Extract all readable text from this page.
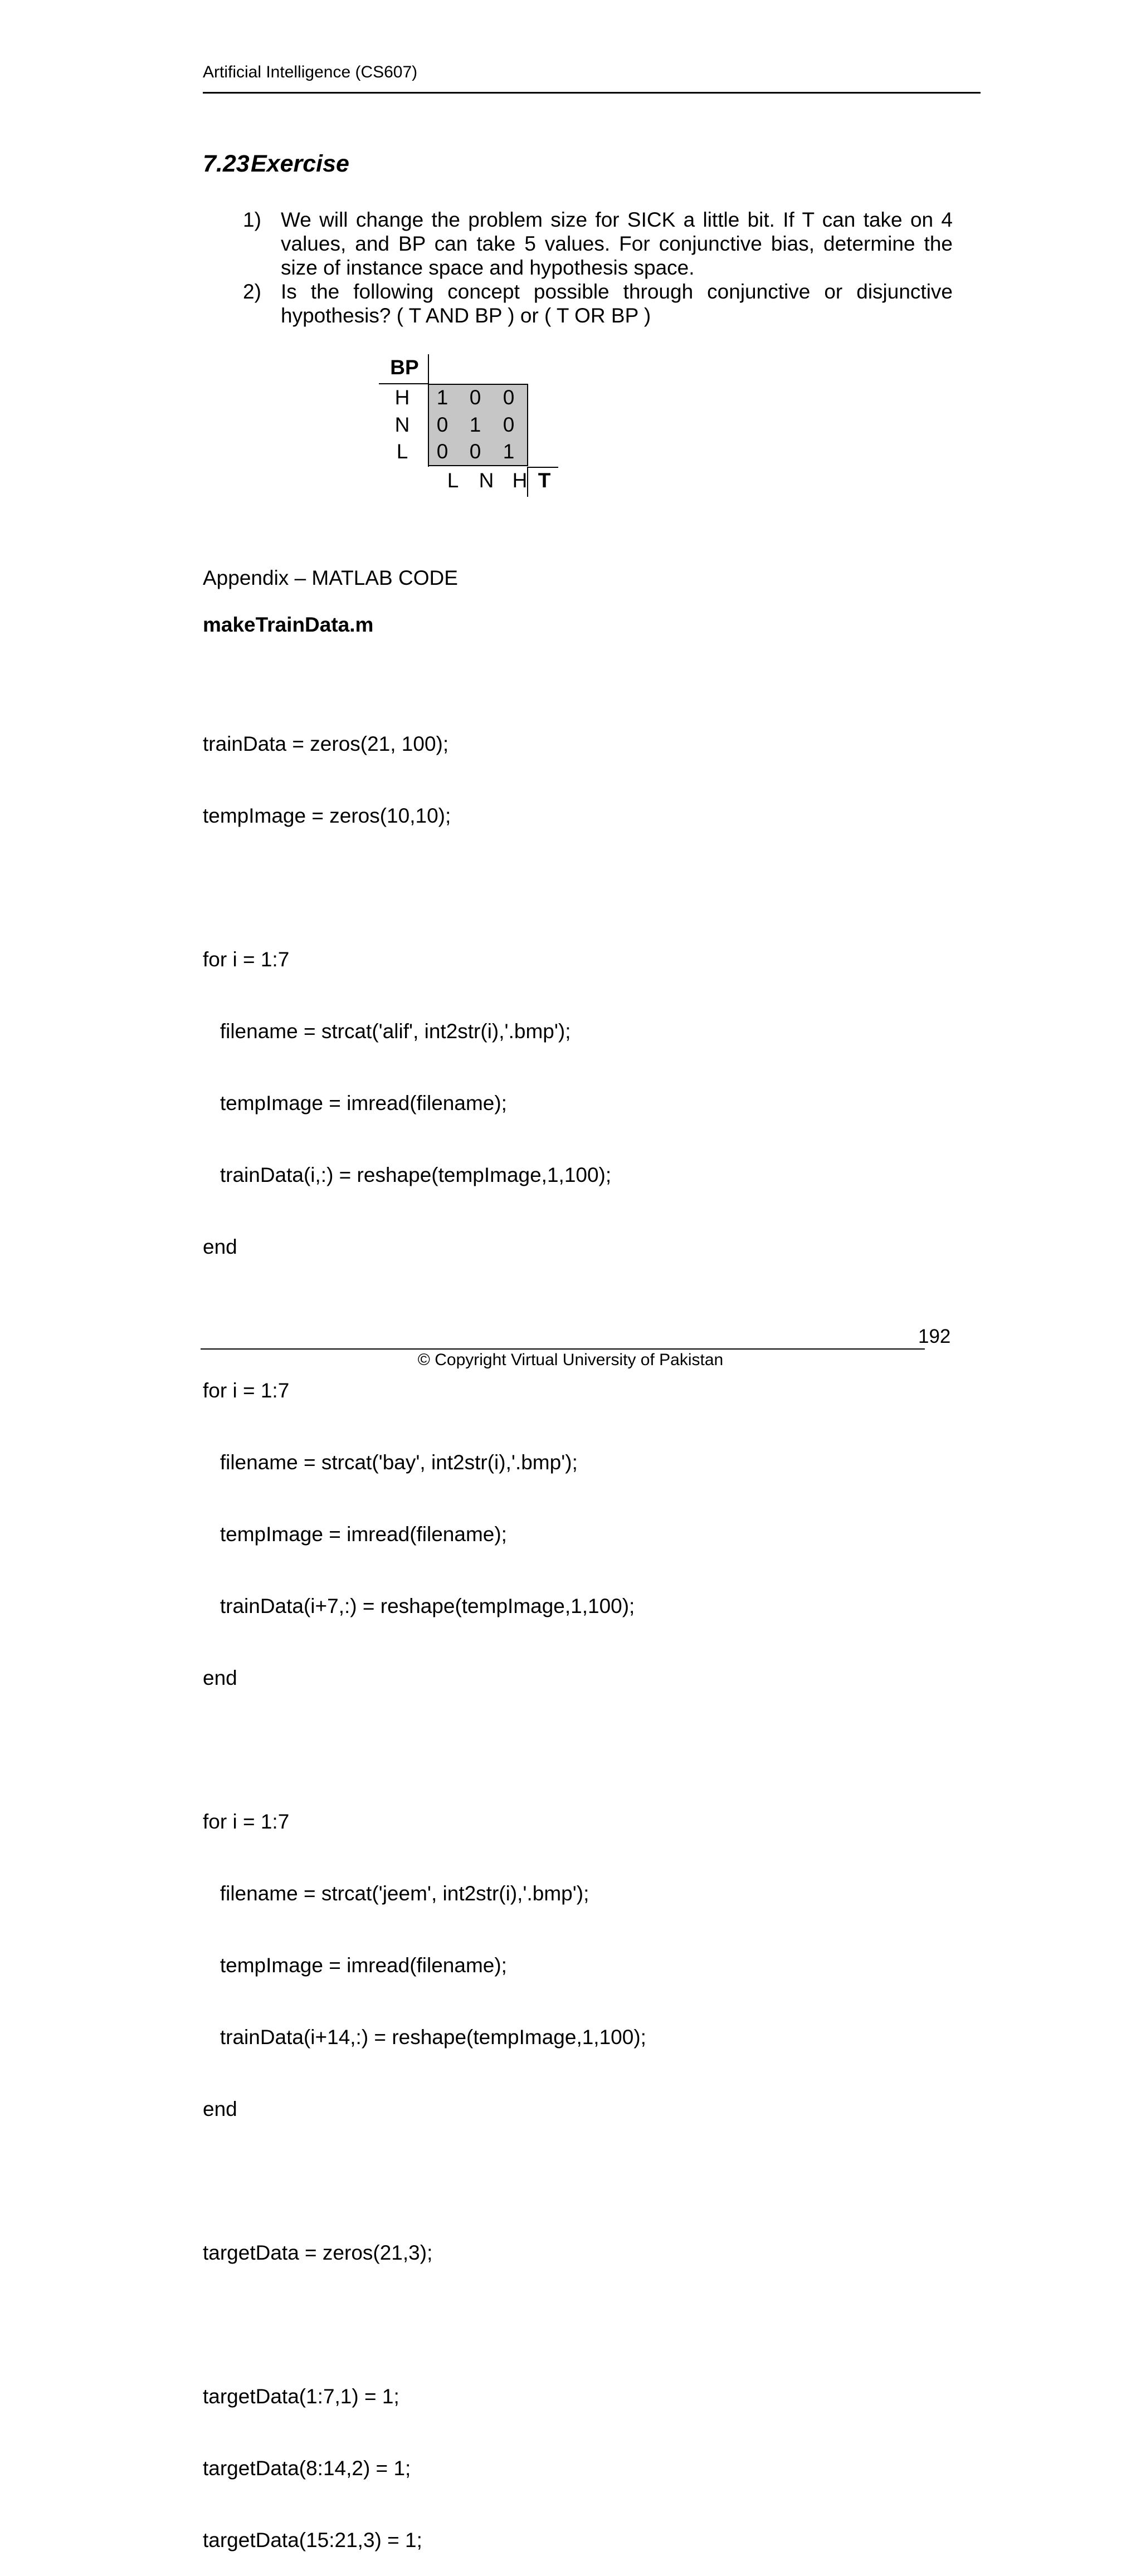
Artificial Intelligence (CS607)
7.23Exercise
1) We will change the problem size for SICK a little bit. If T can take on 4
values, and BP can take 5 values. For conjunctive bias, determine the
size of instance space and hypothesis space.
2) Is the following concept possible through conjunctive or disjunctive
hypothesis? ( T AND BP ) or ( T OR BP )
BP
H
N
L
1 0 0
0 1 0
0 0 1
L N H T
Appendix – MATLAB CODE
makeTrainData.m

trainData = zeros(21, 100);

tempImage = zeros(10,10);

for i = 1:7

filename = strcat('alif', int2str(i),'.bmp');

tempImage = imread(filename);

trainData(i,:) = reshape(tempImage,1,100);

end

for i = 1:7

filename = strcat('bay', int2str(i),'.bmp');

tempImage = imread(filename);

trainData(i+7,:) = reshape(tempImage,1,100);

end

for i = 1:7

filename = strcat('jeem', int2str(i),'.bmp');

tempImage = imread(filename);

trainData(i+14,:) = reshape(tempImage,1,100);

end

targetData = zeros(21,3);

targetData(1:7,1) = 1;

targetData(8:14,2) = 1;

targetData(15:21,3) = 1;

192
© Copyright Virtual University of Pakistan
